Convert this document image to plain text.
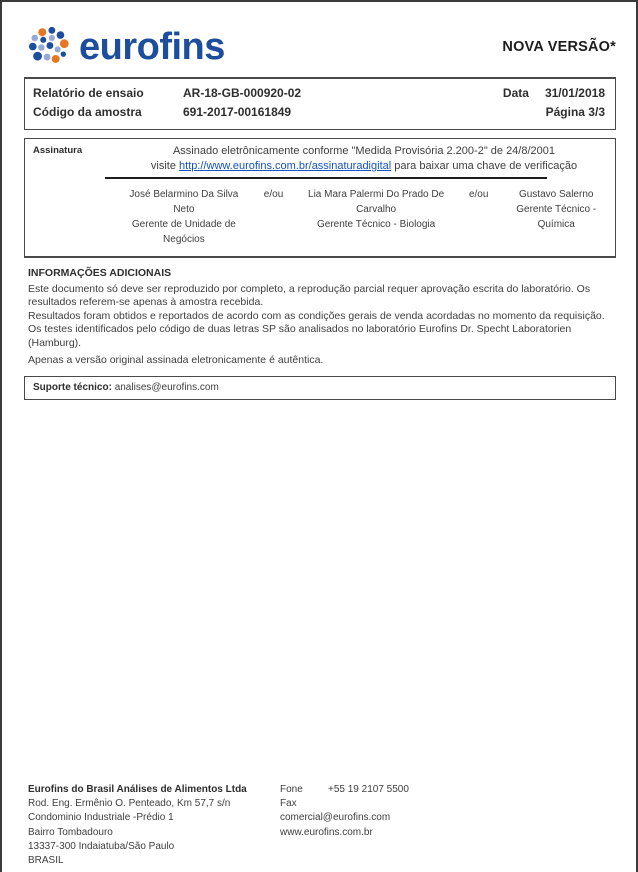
eurofins	NOVA VERSÃO*
Relatório de ensaio	AR-18-GB-000920-02
Código da amostra	691-2017-00161849
Data 31/01/2018
Página 3/3
Assinatura	Assinado eletrônicamente conforme "Medida Provisória 2.200-2" de 24/8/2001
visite http://www.eurofins.com.br/assinaturadigital para baixar uma chave de verificação
José Belarmino Da Silva Neto
Gerente de Unidade de Negócios
e/ou	Lia Mara Palermi Do Prado De Carvalho
Gerente Técnico - Biologia
e/ou	Gustavo Salerno
Gerente Técnico - Química
INFORMAÇÕES ADICIONAIS

Este documento só deve ser reproduzido por completo, a reprodução parcial requer aprovação escrita do laboratório. Os resultados referem-se apenas à amostra recebida.

Resultados foram obtidos e reportados de acordo com as condições gerais de venda acordadas no momento da requisição.

Os testes identificados pelo código de duas letras SP são analisados no laboratório Eurofins Dr. Specht Laboratorien (Hamburg).

Apenas a versão original assinada eletronicamente é autêntica.

Suporte técnico: analises@eurofins.com
Eurofins do Brasil Análises de Alimentos Ltda
Rod. Eng. Ermênio O. Penteado, Km 57,7 s/n
Condominio Industriale -Prédio 1
Bairro Tombadouro
13337-300 Indaiatuba/São Paulo
BRASIL
Fone	+55 19 2107 5500
Fax
comercial@eurofins.com
www.eurofins.com.br
